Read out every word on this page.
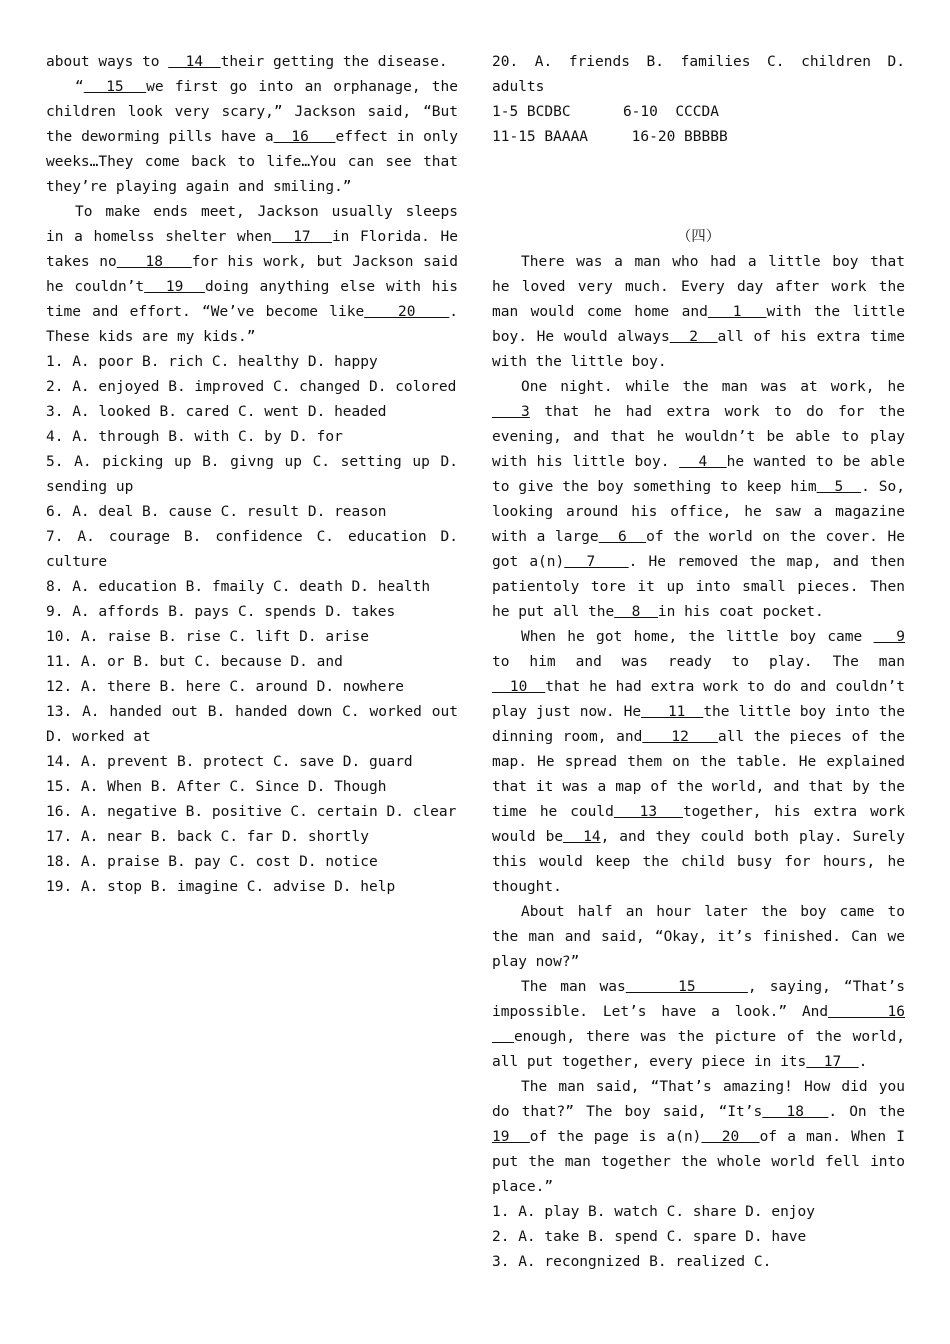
about ways to   14  their getting the disease.

“  15  we first go into an orphanage, the children look very scary,” Jackson said, “But the deworming pills have a  16   effect in only weeks…They come back to life…You can see that they’re playing again and smiling.”

To make ends meet, Jackson usually sleeps in a homelss shelter when  17  in Florida. He takes no   18   for his work, but Jackson said he couldn’t  19  doing anything else with his time and effort. “We’ve become like   20   . These kids are my kids.”

1. A. poor B. rich C. healthy D. happy

2. A. enjoyed B. improved C. changed D. colored

3. A. looked B. cared C. went D. headed

4. A. through B. with C. by D. for

5. A. picking up B. givng up C. setting up D. sending up

6. A. deal B. cause C. result D. reason

7. A. courage B. confidence C. education D. culture

8. A. education B. fmaily C. death D. health

9. A. affords B. pays C. spends D. takes

10. A. raise B. rise C. lift D. arise

11. A. or B. but C. because D. and

12. A. there B. here C. around D. nowhere

13. A. handed out B. handed down C. worked out D. worked at

14. A. prevent B. protect C. save D. guard

15. A. When B. After C. Since D. Though

16. A. negative B. positive C. certain D. clear

17. A. near B. back C. far D. shortly

18. A. praise B. pay C. cost D. notice

19. A. stop B. imagine C. advise D. help

20. A. friends B. families C. children D. adults

1-5 BCDBC      6-10  CCCDA

11-15 BAAAA     16-20 BBBBB

（四）

There was a man who had a little boy that he loved very much. Every day after work the man would come home and  1  with the little boy. He would always  2  all of his extra time with the little boy.

One night. while the man was at work, he   3 that he had extra work to do for the evening, and that he wouldn’t be able to play with his little boy.   4  he wanted to be able to give the boy something to keep him  5  . So, looking around his office, he saw a magazine with a large  6  of the world on the cover. He got a(n)  7   . He removed the map, and then patientoly tore it up into small pieces. Then he put all the  8  in his coat pocket.

When he got home, the little boy came   9 to him and was ready to play. The man   10  that he had extra work to do and couldn’t play just now. He   11  the little boy into the dinning room, and   12   all the pieces of the map. He spread them on the table. He explained that it was a map of the world, and that by the time he could  13  together, his extra work would be  14, and they could both play. Surely this would keep the child busy for hours, he thought.

About half an hour later the boy came to the man and said, “Okay, it’s finished. Can we play now?”

The man was    15    , saying, “That’s impossible. Let’s have a look.” And    16   enough, there was the picture of the world, all put together, every piece in its  17  .

The man said, “That’s amazing! How did you do that?” The boy said, “It’s  18  . On the 19  of the page is a(n)  20  of a man. When I put the man together the whole world fell into place.”

1. A. play B. watch C. share D. enjoy

2. A. take B. spend C. spare D. have

3. A. recongnized B. realized C.
